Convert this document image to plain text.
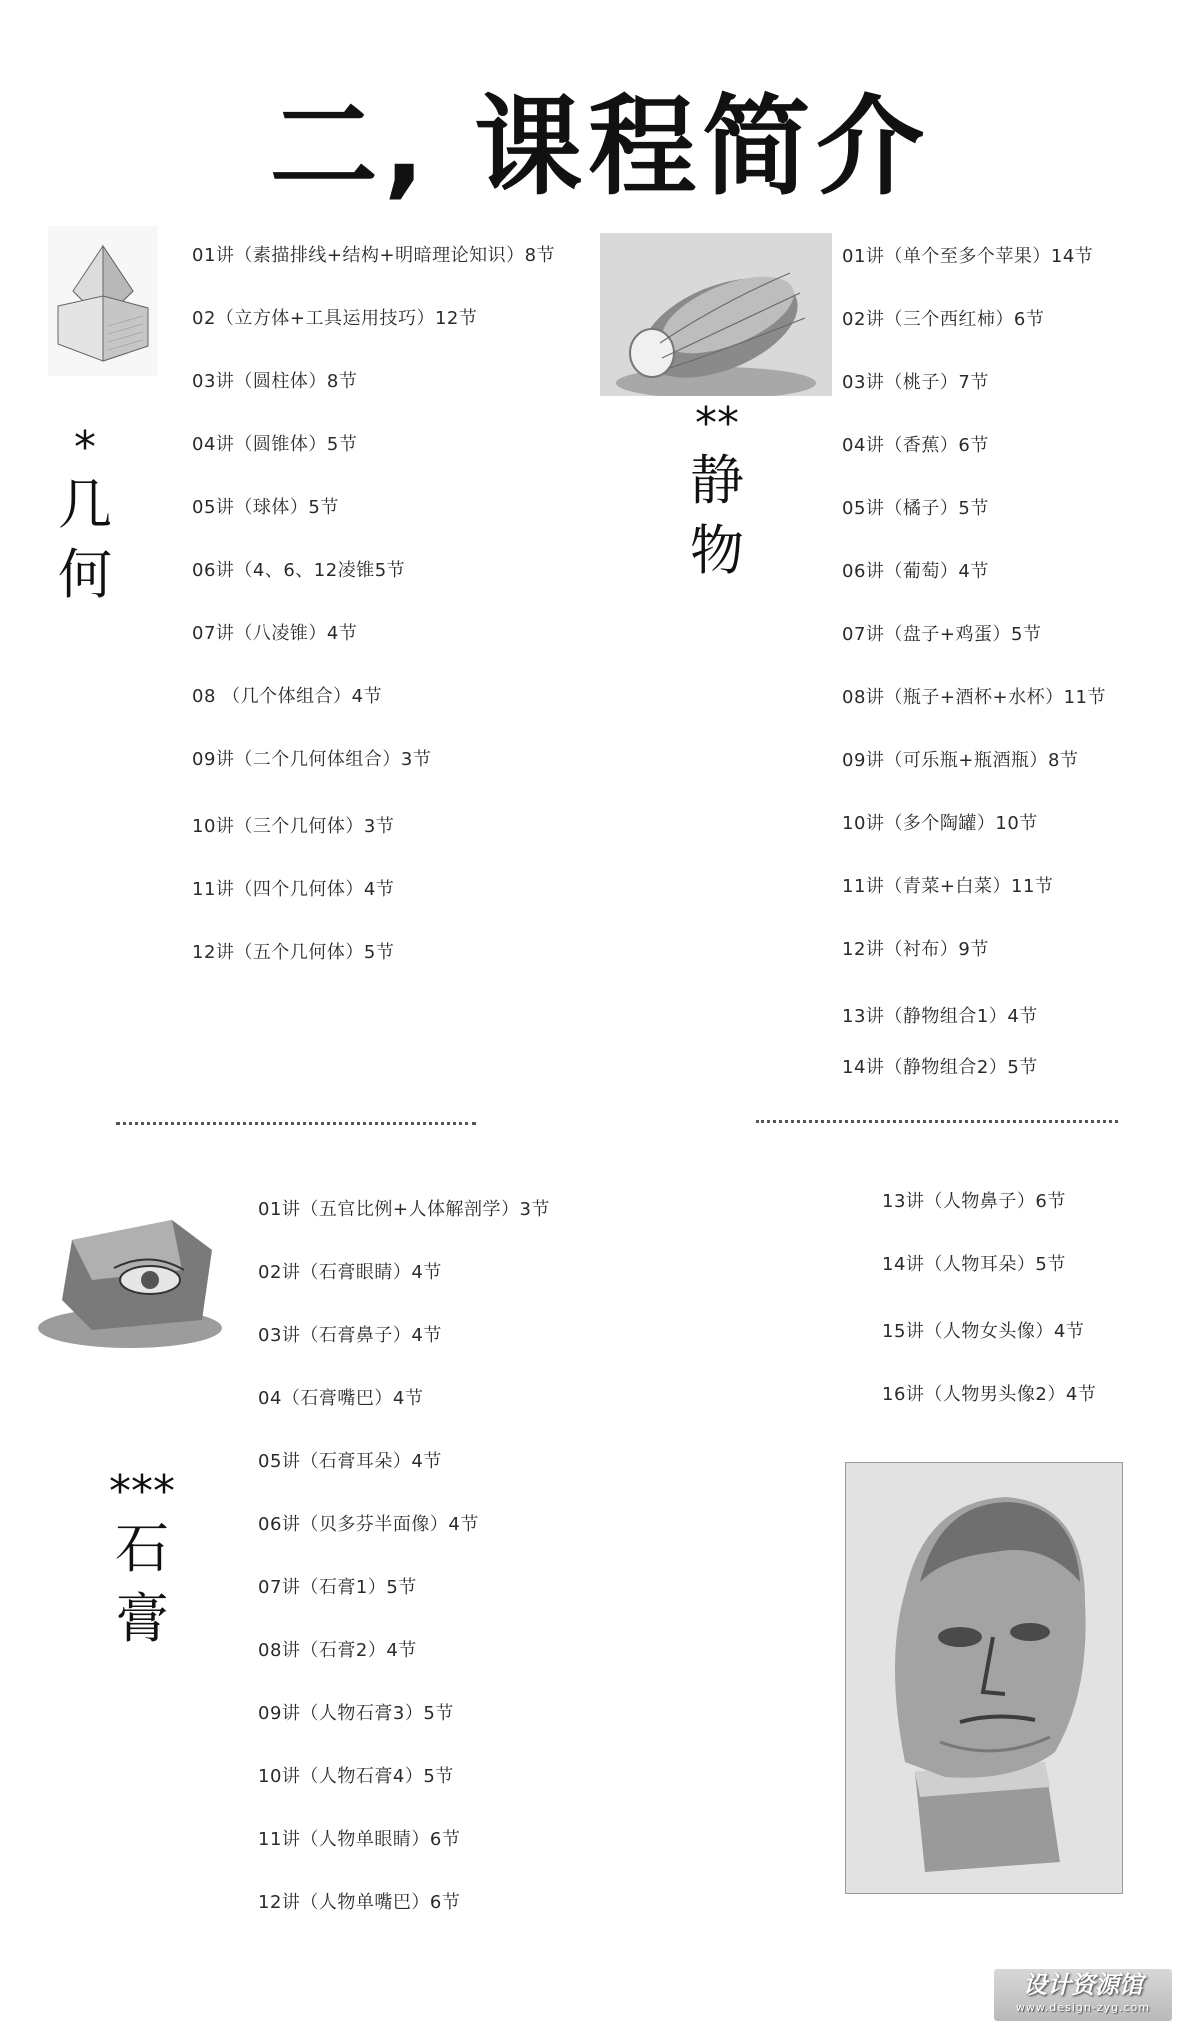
二, 课程简介
*
几
何
01讲（素描排线+结构+明暗理论知识）8节
02（立方体+工具运用技巧）12节
03讲（圆柱体）8节
04讲（圆锥体）5节
05讲（球体）5节
06讲（4、6、12凌锥5节
07讲（八凌锥）4节
08 （几个体组合）4节
09讲（二个几何体组合）3节
10讲（三个几何体）3节
11讲（四个几何体）4节
12讲（五个几何体）5节
**
静
物
01讲（单个至多个苹果）14节
02讲（三个西红柿）6节
03讲（桃子）7节
04讲（香蕉）6节
05讲（橘子）5节
06讲（葡萄）4节
07讲（盘子+鸡蛋）5节
08讲（瓶子+酒杯+水杯）11节
09讲（可乐瓶+瓶酒瓶）8节
10讲（多个陶罐）10节
11讲（青菜+白菜）11节
12讲（衬布）9节
13讲（静物组合1）4节
14讲（静物组合2）5节
***
石
膏
01讲（五官比例+人体解剖学）3节
02讲（石膏眼睛）4节
03讲（石膏鼻子）4节
04（石膏嘴巴）4节
05讲（石膏耳朵）4节
06讲（贝多芬半面像）4节
07讲（石膏1）5节
08讲（石膏2）4节
09讲（人物石膏3）5节
10讲（人物石膏4）5节
11讲（人物单眼睛）6节
12讲（人物单嘴巴）6节
13讲（人物鼻子）6节
14讲（人物耳朵）5节
15讲（人物女头像）4节
16讲（人物男头像2）4节
设计资源馆
www.design-zyg.com
